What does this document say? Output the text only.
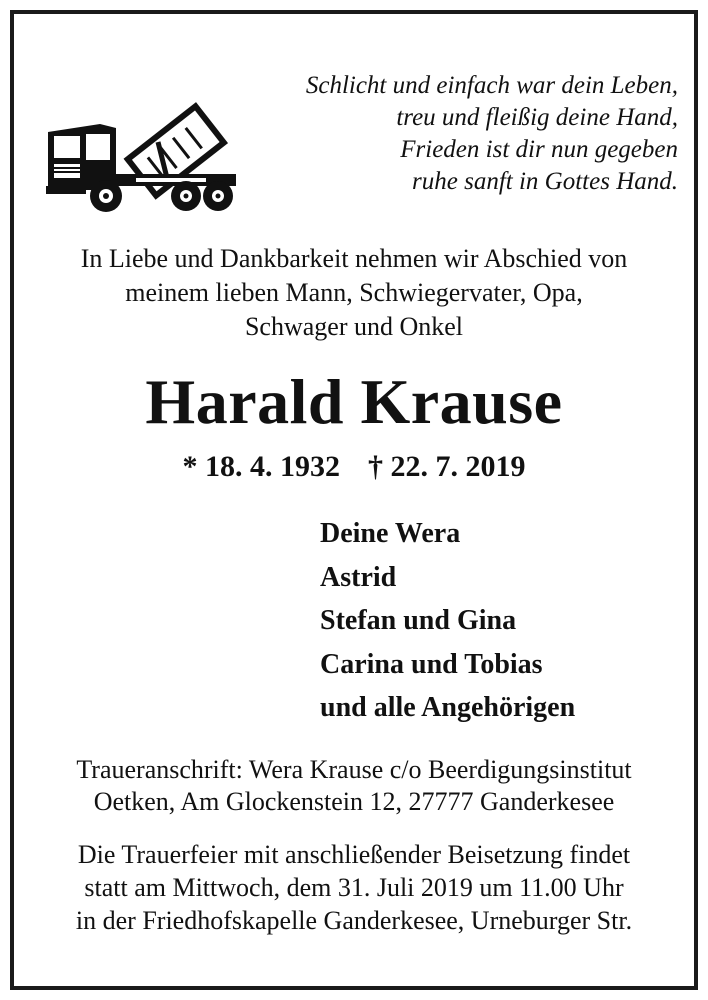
Schlicht und einfach war dein Leben,
treu und fleißig deine Hand,
Frieden ist dir nun gegeben
ruhe sanft in Gottes Hand.
In Liebe und Dankbarkeit nehmen wir Abschied von
meinem lieben Mann, Schwiegervater, Opa,
Schwager und Onkel
Harald Krause
* 18. 4. 1932 † 22. 7. 2019
Deine Wera
Astrid
Stefan und Gina
Carina und Tobias
und alle Angehörigen
Traueranschrift: Wera Krause c/o Beerdigungsinstitut
Oetken, Am Glockenstein 12, 27777 Ganderkesee
Die Trauerfeier mit anschließender Beisetzung findet
statt am Mittwoch, dem 31. Juli 2019 um 11.00 Uhr
in der Friedhofskapelle Ganderkesee, Urneburger Str.
